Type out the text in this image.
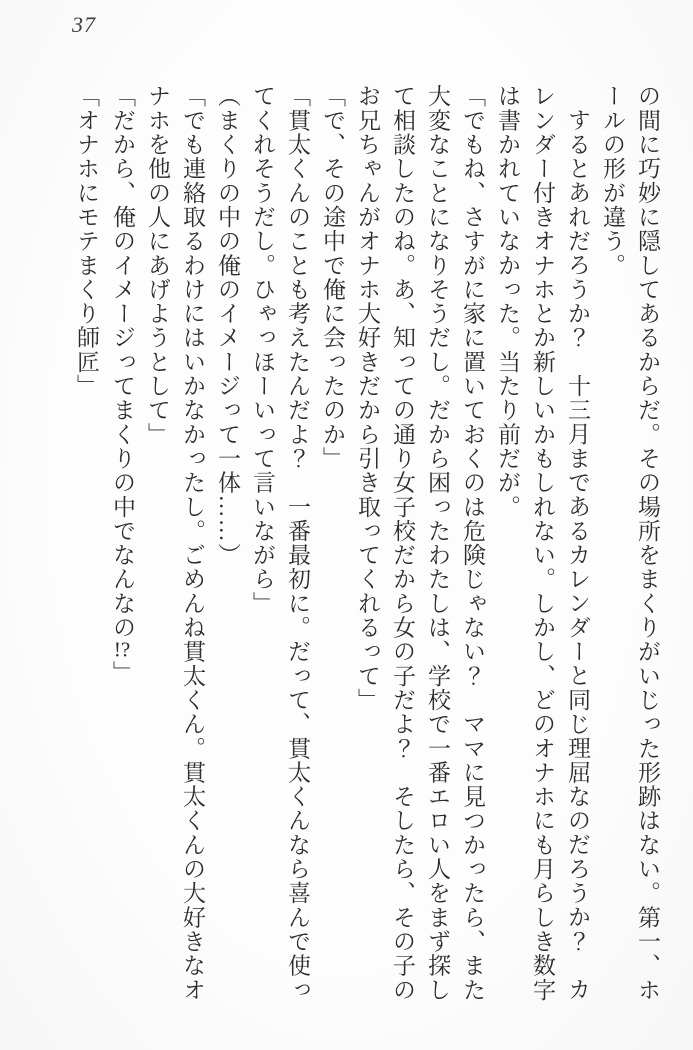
37
の間に巧妙に隠してあるからだ。その場所をまくりがいじった形跡はない。第一、ホ
ールの形が違う。
するとあれだろうか？　十三月まであるカレンダーと同じ理屈なのだろうか？　カ
レンダー付きオナホとか新しいかもしれない。しかし、どのオナホにも月らしき数字
は書かれていなかった。当たり前だが。
「でもね、さすがに家に置いておくのは危険じゃない？　ママに見つかったら、また
大変なことになりそうだし。だから困ったわたしは、学校で一番エロい人をまず探し
て相談したのね。あ、知っての通り女子校だから女の子だよ？　そしたら、その子の
お兄ちゃんがオナホ大好きだから引き取ってくれるって」
「で、その途中で俺に会ったのか」
「貫太くんのことも考えたんだよ？　一番最初に。だって、貫太くんなら喜んで使っ
てくれそうだし。ひゃっほーいって言いながら」
（まくりの中の俺のイメージって一体……）
「でも連絡取るわけにはいかなかったし。ごめんね貫太くん。貫太くんの大好きなオ
ナホを他の人にあげようとして」
「だから、俺のイメージってまくりの中でなんなの!?」
「オナホにモテまくり師匠」
